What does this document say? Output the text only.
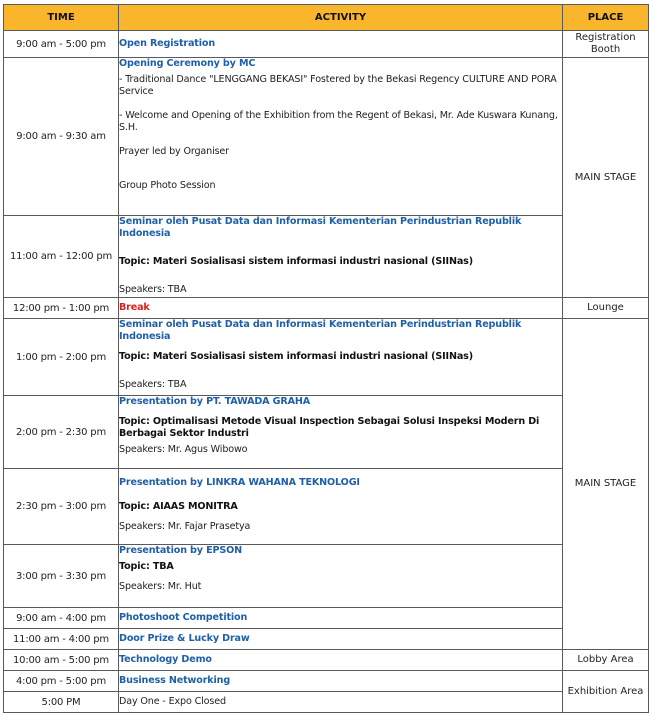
TIME	ACTIVITY	PLACE
9:00 am - 5:00 pm	Open Registration	Registration Booth
9:00 am - 9:30 am	Opening Ceremony by MC
- Traditional Dance "LENGGANG BEKASI" Fostered by the Bekasi Regency CULTURE AND PORA Service
- Welcome and Opening of the Exhibition from the Regent of Bekasi, Mr. Ade Kuswara Kunang, S.H.
Prayer led by Organiser
Group Photo Session	MAIN STAGE
11:00 am - 12:00 pm	Seminar oleh Pusat Data dan Informasi Kementerian Perindustrian Republik Indonesia
Topic: Materi Sosialisasi sistem informasi industri nasional (SIINas)
Speakers: TBA	

12:00 pm - 1:00 pm	Break	Lounge
1:00 pm - 2:00 pm	Seminar oleh Pusat Data dan Informasi Kementerian Perindustrian Republik Indonesia
Topic: Materi Sosialisasi sistem informasi industri nasional (SIINas)
Speakers: TBA	MAIN STAGE
2:00 pm - 2:30 pm	Presentation by PT. TAWADA GRAHA
Topic: Optimalisasi Metode Visual Inspection Sebagai Solusi Inspeksi Modern Di Berbagai Sektor Industri
Speakers: Mr. Agus Wibowo	

2:30 pm - 3:00 pm	Presentation by LINKRA WAHANA TEKNOLOGI
Topic: AIAAS MONITRA
Speakers: Mr. Fajar Prasetya	

3:00 pm - 3:30 pm	Presentation by EPSON
Topic: TBA
Speakers: Mr. Hut	

9:00 am - 4:00 pm	Photoshoot Competition	
11:00 am - 4:00 pm	Door Prize & Lucky Draw	
10:00 am - 5:00 pm	Technology Demo	Lobby Area
4:00 pm - 5:00 pm	Business Networking	Exhibition Area
5:00 PM	Day One - Expo Closed	
